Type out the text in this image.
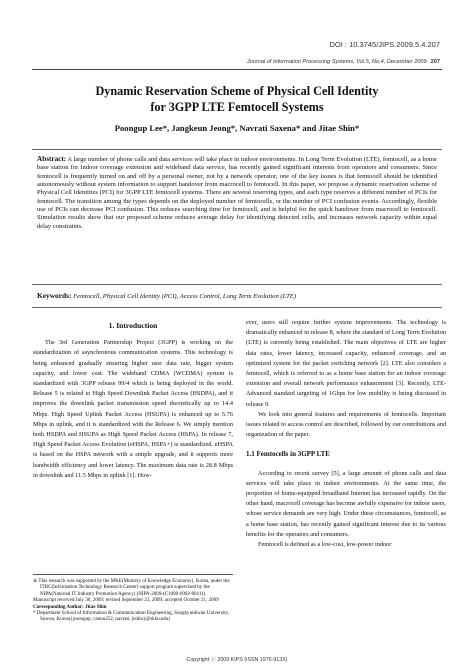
DOI : 10.3745/JIPS.2009.5.4.207
Journal of Information Processing Systems, Vol.5, No.4, December 2009 207
Dynamic Reservation Scheme of Physical Cell Identity
for 3GPP LTE Femtocell Systems
Poongup Lee*, Jangkeun Jeong*, Navrati Saxena* and Jitae Shin*
Abstract: A large number of phone calls and data services will take place in indoor environments. In Long Term Evolution (LTE), femtocell, as a home base station for indoor coverage extension and wideband data service, has recently gained significant interests from operators and consumers. Since femtocell is frequently turned on and off by a personal owner, not by a network operator, one of the key issues is that femtocell should be identified autonomously without system information to support handover from macrocell to femtocell. In this paper, we propose a dynamic reservation scheme of Physical Cell Identities (PCI) for 3GPP LTE femtocell systems. There are several reserving types, and each type reserves a different number of PCIs for femtocell. The transition among the types depends on the deployed number of femtocells, or the number of PCI confusion events. Accordingly, flexible use of PCIs can decrease PCI confusion. This reduces searching time for femtocell, and is helpful for the quick handover from macrocell to femtocell. Simulation results show that our proposed scheme reduces average delay for identifying detected cells, and increases network capacity within equal delay constraints.
Keywords: Femtocell, Physical Cell Identity (PCI), Access Control, Long Term Evolution (LTE)

1. Introduction

The 3rd Generation Partnership Project (3GPP) is working on the standardization of asynchronous communication systems. This technology is being enhanced gradually ensuring higher user data rate, bigger system capacity, and lower cost. The wideband CDMA (WCDMA) system is standardized with 3GPP release 99/4 which is being deployed in the world. Release 5 is related to High Speed Downlink Packet Access (HSDPA), and it improves the downlink packet transmission speed theoretically up to 14.4 Mbps. High Speed Uplink Packet Access (HSUPA) is enhanced up to 5.76 Mbps in uplink, and it is standardized with the Release 6. We simply mention both HSDPA and HSUPA as High Speed Packet Access (HSPA). In release 7, High Speed Packet Access Evolution (eHSPA, HSPA+) is standardized. eHSPA is based on the HSPA network with a simple upgrade, and it supports more bandwidth efficiency and lower latency. The maximum data rate is 28.8 Mbps in downlink and 11.5 Mbps in uplink [1]. How-

ever, users still require further system improvements. The technology is dramatically enhanced in release 8, where the standard of Long Term Evolution (LTE) is currently being established. The main objectives of LTE are higher data rates, lower latency, increased capacity, enhanced coverage, and an optimized system for the packet switching network [2]. LTE also considers a femtocell, which is referred to as a home base station for an indoor coverage extension and overall network performance enhancement [3]. Recently, LTE-Advanced standard targeting of 1Gbps for low mobility is being discussed in release 9.

We look into general features and requirements of femtocells. Important issues related to access control are described, followed by our contributions and organization of the paper.

1.1 Femtocells in 3GPP LTE

According to recent survey [5], a large amount of phone calls and data services will take place in indoor environments. At the same time, the proportion of home-equipped broadband Internet has increased rapidly. On the other hand, macrocell coverage has become awfully expensive for indoor users, whose service demands are very high. Under these circumstances, femtocell, as a home base station, has recently gained significant interest due to its various benefits for the operators and consumers.

Femtocell is defined as a low-cost, low-power indoor

※ This research was supported by the MKE(Ministry of Knowledge Economy), Korea, under the ITRC(Information Technology Research Center) support program supervised by the NIPA(National IT Industry Promotion Agency) (NIPA-2009-(C1090-0902-0011)).

Manuscript received July 30, 2009; revised September 23, 2009; accepted October 21, 2009

Corresponding Author: Jitae Shin

* Department School of Information & Communication Engineering, Sungkyunkwan University, Suwon, Korea({poongup, canon252, navrati, jtshin}@skku.edu)

Copyright ⓒ 2009 KIPS (ISSN 1976-913X)
